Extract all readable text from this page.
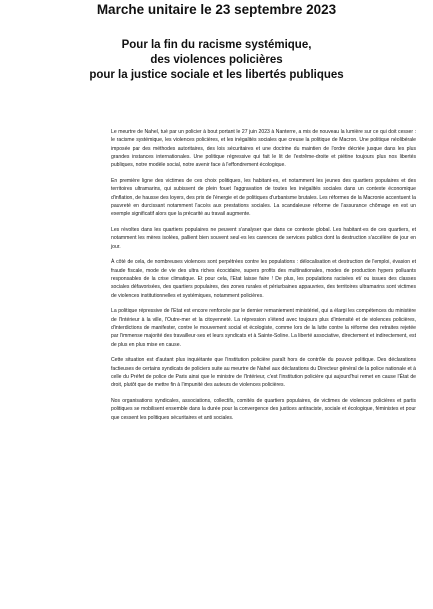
Marche unitaire le 23 septembre 2023
Pour la fin du racisme systémique,
des violences policières
pour la justice sociale et les libertés publiques

Le meurtre de Nahel, tué par un policier à bout portant le 27 juin 2023 à Nanterre, a mis de nouveau la lumière sur ce qui doit cesser : le racisme systémique, les violences policières, et les inégalités sociales que creuse la politique de Macron. Une politique néolibérale imposée par des méthodes autoritaires, des lois sécuritaires et une doctrine du maintien de l'ordre décriée jusque dans les plus grandes instances internationales. Une politique régressive qui fait le lit de l'extrême-droite et piétine toujours plus nos libertés publiques, notre modèle social, notre avenir face à l'effondrement écologique.

En première ligne des victimes de ces choix politiques, les habitant·es, et notamment les jeunes des quartiers populaires et des territoires ultramarins, qui subissent de plein fouet l'aggravation de toutes les inégalités sociales dans un contexte économique d'inflation, de hausse des loyers, des prix de l'énergie et de politiques d'urbanisme brutales. Les réformes de la Macronie accentuent la pauvreté en durcissant notamment l'accès aux prestations sociales. La scandaleuse réforme de l'assurance chômage en est un exemple significatif alors que la précarité au travail augmente.

Les révoltes dans les quartiers populaires ne peuvent s'analyser que dans ce contexte global. Les habitant·es de ces quartiers, et notamment les mères isolées, pallient bien souvent seul·es les carences de services publics dont la destruction s'accélère de jour en jour.

À côté de cela, de nombreuses violences sont perpétrées contre les populations : délocalisation et destruction de l'emploi, évasion et fraude fiscale, mode de vie des ultra riches écocidaire, supers profits des multinationales, modes de production hypers polluants responsables de la crise climatique. Et pour cela, l'Etat laisse faire ! De plus, les populations racisées et/ ou issues des classes sociales défavorisées, des quartiers populaires, des zones rurales et périurbaines appauvries, des territoires ultramarins sont victimes de violences institutionnelles et systémiques, notamment policières.

La politique répressive de l'Etat est encore renforcée par le dernier remaniement ministériel, qui a élargi les compétences du ministère de l'Intérieur à la ville, l'Outre-mer et la citoyenneté. La répression s'étend avec toujours plus d'intensité et de violences policières, d'interdictions de manifester, contre le mouvement social et écologiste, comme lors de la lutte contre la réforme des retraites rejetée par l'immense majorité des travailleur·ses et leurs syndicats et à Sainte-Soline. La liberté associative, directement et indirectement, est de plus en plus mise en cause.

Cette situation est d'autant plus inquiétante que l'institution policière paraît hors de contrôle du pouvoir politique. Des déclarations factieuses de certains syndicats de policiers suite au meurtre de Nahel aux déclarations du Directeur général de la police nationale et à celle du Préfet de police de Paris ainsi que le ministre de l'Intérieur, c'est l'institution policière qui aujourd'hui remet en cause l'État de droit, plutôt que de mettre fin à l'impunité des auteurs de violences policières.

Nos organisations syndicales, associations, collectifs, comités de quartiers populaires, de victimes de violences policières et partis politiques se mobilisent ensemble dans la durée pour la convergence des justices antiraciste, sociale et écologique, féministes et pour que cessent les politiques sécuritaires et anti sociales.
